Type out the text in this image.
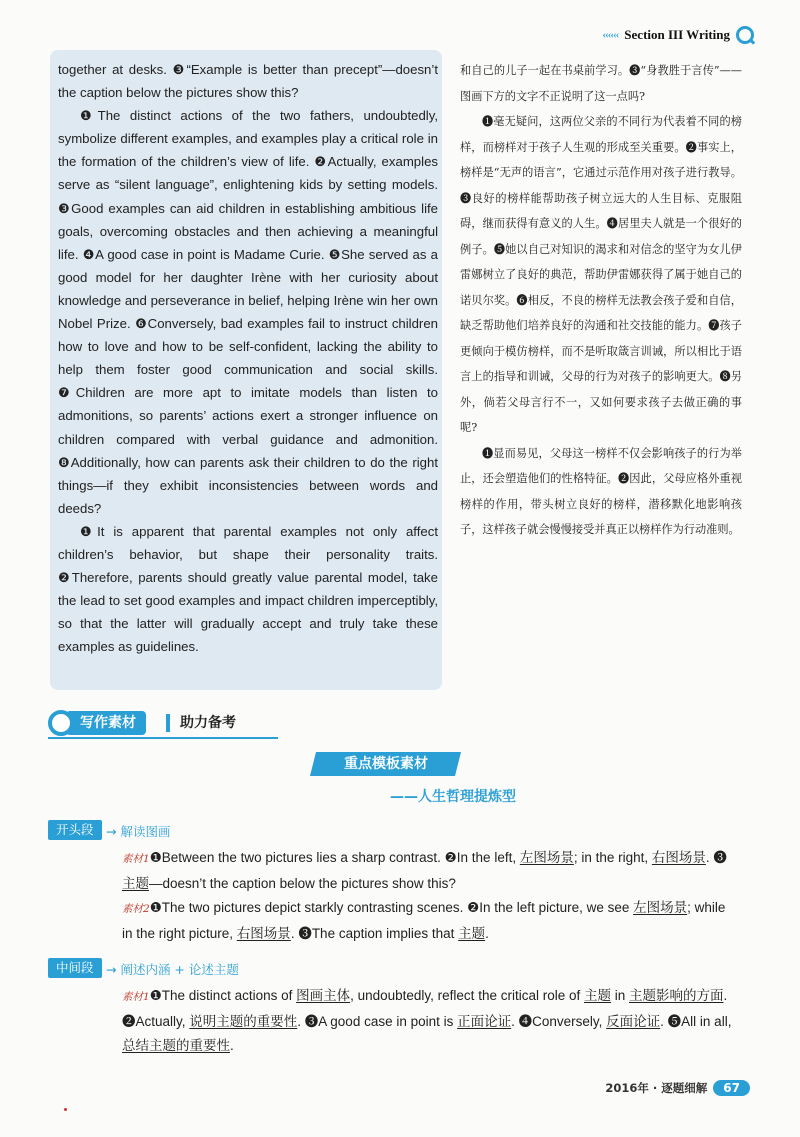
‹‹‹‹‹‹ Section III Writing

together at desks. ❸“Example is better than precept”—doesn’t the caption below the pictures show this?

❶The distinct actions of the two fathers, undoubtedly, symbolize different examples, and examples play a critical role in the formation of the children’s view of life. ❷Actually, examples serve as “silent language”, enlightening kids by setting models. ❸Good examples can aid children in establishing ambitious life goals, overcoming obstacles and then achieving a meaningful life. ❹A good case in point is Madame Curie. ❺She served as a good model for her daughter Irène with her curiosity about knowledge and perseverance in belief, helping Irène win her own Nobel Prize. ❻Conversely, bad examples fail to instruct children how to love and how to be self-confident, lacking the ability to help them foster good communication and social skills. ❼Children are more apt to imitate models than listen to admonitions, so parents’ actions exert a stronger influence on children compared with verbal guidance and admonition. ❽Additionally, how can parents ask their children to do the right things—if they exhibit inconsistencies between words and deeds?

❶It is apparent that parental examples not only affect children’s behavior, but shape their personality traits. ❷Therefore, parents should greatly value parental model, take the lead to set good examples and impact children imperceptibly, so that the latter will gradually accept and truly take these examples as guidelines.

和自己的儿子一起在书桌前学习。❸“身教胜于言传”——图画下方的文字不正说明了这一点吗?

❶毫无疑问，这两位父亲的不同行为代表着不同的榜样，而榜样对于孩子人生观的形成至关重要。❷事实上，榜样是“无声的语言”，它通过示范作用对孩子进行教导。❸良好的榜样能帮助孩子树立远大的人生目标、克服阻碍，继而获得有意义的人生。❹居里夫人就是一个很好的例子。❺她以自己对知识的渴求和对信念的坚守为女儿伊雷娜树立了良好的典范，帮助伊雷娜获得了属于她自己的诺贝尔奖。❻相反，不良的榜样无法教会孩子爱和自信，缺乏帮助他们培养良好的沟通和社交技能的能力。❼孩子更倾向于模仿榜样，而不是听取箴言训诫，所以相比于语言上的指导和训诫，父母的行为对孩子的影响更大。❽另外，倘若父母言行不一，又如何要求孩子去做正确的事呢?

❶显而易见，父母这一榜样不仅会影响孩子的行为举止，还会塑造他们的性格特征。❷因此，父母应格外重视榜样的作用，带头树立良好的榜样，潜移默化地影响孩子，这样孩子就会慢慢接受并真正以榜样作为行动准则。

写作素材	助力备考
重点模板素材
——人生哲理提炼型
开头段 → 解读图画

素材1❶Between the two pictures lies a sharp contrast. ❷In the left, 左图场景; in the right, 右图场景. ❸主题—doesn’t the caption below the pictures show this?

素材2❶The two pictures depict starkly contrasting scenes. ❷In the left picture, we see 左图场景; while in the right picture, 右图场景. ❸The caption implies that 主题.

中间段 → 阐述内涵 + 论述主题

素材1❶The distinct actions of 图画主体, undoubtedly, reflect the critical role of 主题 in 主题影响的方面. ❷Actually, 说明主题的重要性. ❸A good case in point is 正面论证. ❹Conversely, 反面论证. ❺All in all, 总结主题的重要性.

2016年 · 逐题细解	67
